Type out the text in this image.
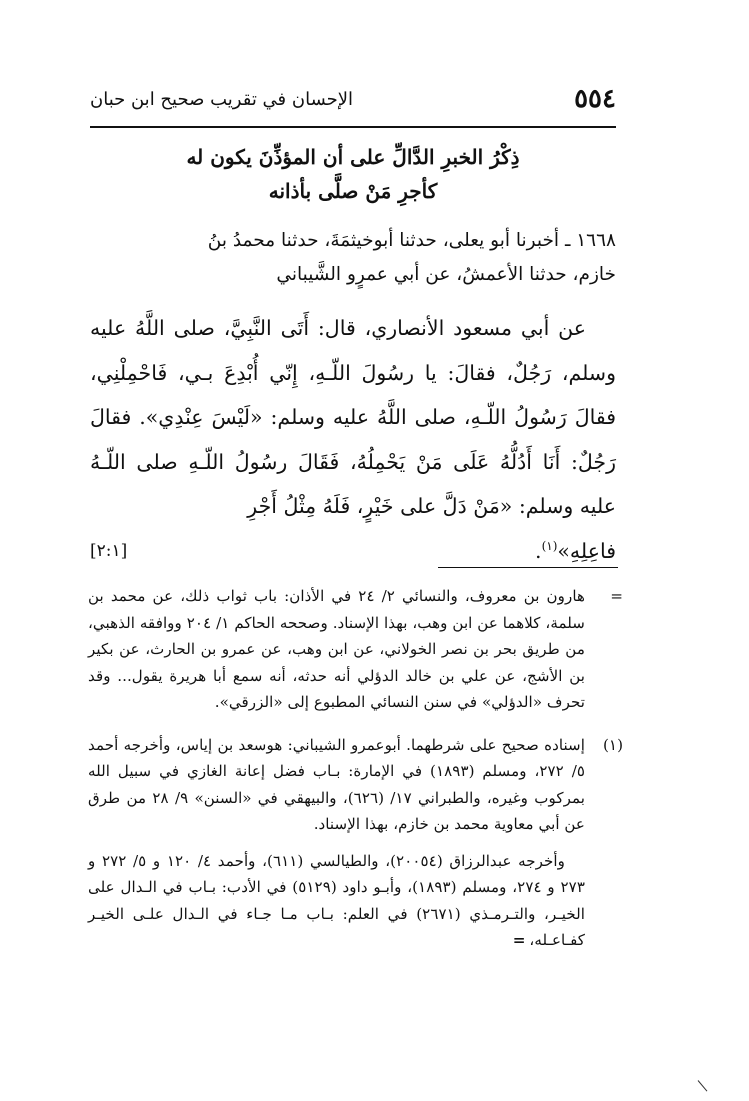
٥٥٤
الإحسان في تقريب صحيح ابن حبان
ذِكْرُ الخبرِ الدَّالِّ على أن المؤذِّنَ يكون له
كأجرِ مَنْ صلَّى بأذانه
١٦٦٨ ـ أخبرنا أبو يعلى، حدثنا أبوخيثمَةَ، حدثنا محمدُ بنُ
خازم، حدثنا الأعمشُ، عن أبي عمرٍو الشَّيباني
عن أبي مسعود الأنصاري، قال: أَتَى النَّبِيَّ، صلى اللَّهُ عليه وسلم، رَجُلٌ، فقالَ: يا رسُولَ اللّـهِ، إِنّي أُبْدِعَ بـي، فَاحْمِلْنِي، فقالَ رَسُولُ اللّـهِ، صلى اللَّهُ عليه وسلم: «لَيْسَ عِنْدِي». فقالَ رَجُلٌ: أَنَا أَدُلُّهُ عَلَى مَنْ يَحْمِلُهُ، فَقَالَ رسُولُ اللّـهِ صلى اللّـهُ عليه وسلم: «مَنْ دَلَّ على خَيْرٍ، فَلَهُ مِثْلُ أَجْرِ
فاعِلِهِ»$^{(١)}$.
[٢:١]
=
هارون بن معروف، والنسائي ٢/ ٢٤ في الأذان: باب ثواب ذلك، عن محمد بن سلمة، كلاهما عن ابن وهب، بهذا الإسناد. وصححه الحاكم ١/ ٢٠٤ ووافقه الذهبي، من طريق بحر بن نصر الخولاني، عن ابن وهب، عن عمرو بن الحارث، عن بكير بن الأشج، عن علي بن خالد الدؤلي أنه حدثه، أنه سمع أبا هريرة يقول... وقد تحرف «الدؤلي» في سنن النسائي المطبوع إلى «الزرقي».
(١)
إسناده صحيح على شرطهما. أبوعمرو الشيباني: هوسعد بن إياس، وأخرجه أحمد ٥/ ٢٧٢، ومسلم (١٨٩٣) في الإمارة: بـاب فضل إعانة الغازي في سبيل الله بمركوب وغيره، والطبراني ١٧/ (٦٢٦)، والبيهقي في «السنن» ٩/ ٢٨ من طرق عن أبي معاوية محمد بن خازم، بهذا الإسناد.
وأخرجه عبدالرزاق (٢٠٠٥٤)، والطيالسي (٦١١)، وأحمد ٤/ ١٢٠ و ٥/ ٢٧٢ و ٢٧٣ و ٢٧٤، ومسلم (١٨٩٣)، وأبـو داود (٥١٢٩) في الأدب: بـاب في الـدال على الخيـر، والتـرمـذي (٢٦٧١) في العلم: بـاب مـا جـاء في الـدال علـى الخيـر كفـاعـله،=
